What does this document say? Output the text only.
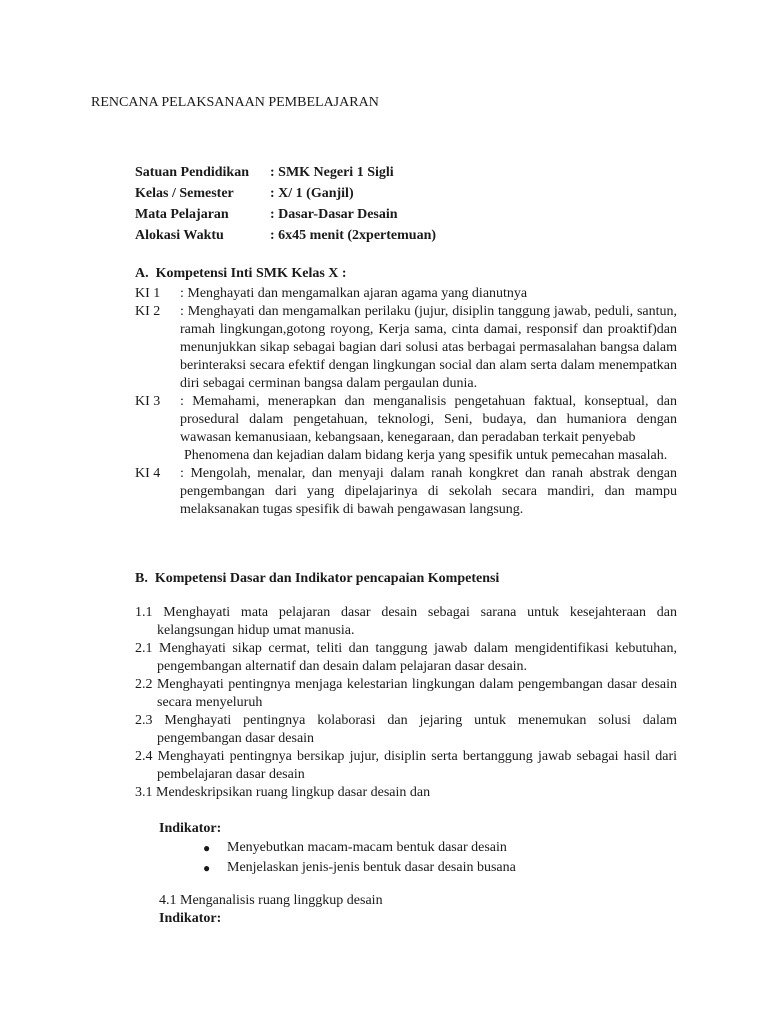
RENCANA PELAKSANAAN PEMBELAJARAN
Satuan Pendidikan : SMK Negeri 1 Sigli
Kelas / Semester	: X/ 1 (Ganjil)
Mata Pelajaran	: Dasar-Dasar Desain
Alokasi Waktu	: 6x45 menit (2xpertemuan)
A.  Kompetensi Inti SMK Kelas X :
KI 1	: Menghayati dan mengamalkan ajaran agama yang dianutnya

KI 2	: Menghayati dan mengamalkan perilaku (jujur, disiplin tanggung jawab, peduli, santun, ramah lingkungan,gotong royong, Kerja sama, cinta damai, responsif dan proaktif)dan menunjukkan sikap sebagai bagian dari solusi atas berbagai permasalahan bangsa dalam berinteraksi secara efektif dengan lingkungan social dan alam serta dalam menempatkan diri sebagai cerminan bangsa dalam pergaulan dunia.

KI 3	: Memahami, menerapkan dan menganalisis pengetahuan faktual, konseptual, dan prosedural dalam pengetahuan, teknologi, Seni, budaya, dan humaniora dengan wawasan kemanusiaan, kebangsaan, kenegaraan, dan peradaban terkait penyebab

Phenomena dan kejadian dalam bidang kerja yang spesifik untuk pemecahan masalah.

KI 4	: Mengolah, menalar, dan menyaji dalam ranah kongkret dan ranah abstrak dengan pengembangan dari yang dipelajarinya di sekolah secara mandiri, dan mampu melaksanakan tugas spesifik di bawah pengawasan langsung.

B.  Kompetensi Dasar dan Indikator pencapaian Kompetensi

1.1 Menghayati mata pelajaran dasar desain sebagai sarana untuk kesejahteraan dan kelangsungan hidup umat manusia.

2.1 Menghayati sikap cermat, teliti dan tanggung jawab dalam mengidentifikasi kebutuhan, pengembangan alternatif dan desain dalam pelajaran dasar desain.

2.2 Menghayati pentingnya menjaga kelestarian lingkungan dalam pengembangan dasar desain secara menyeluruh

2.3 Menghayati pentingnya kolaborasi dan jejaring untuk menemukan solusi dalam pengembangan dasar desain

2.4 Menghayati pentingnya bersikap jujur, disiplin serta bertanggung jawab sebagai hasil dari pembelajaran dasar desain

3.1 Mendeskripsikan ruang lingkup dasar desain dan

Indikator:
●	Menyebutkan macam-macam bentuk dasar desain
●	Menjelaskan jenis-jenis bentuk dasar desain busana
4.1 Menganalisis ruang linggkup desain
Indikator:
